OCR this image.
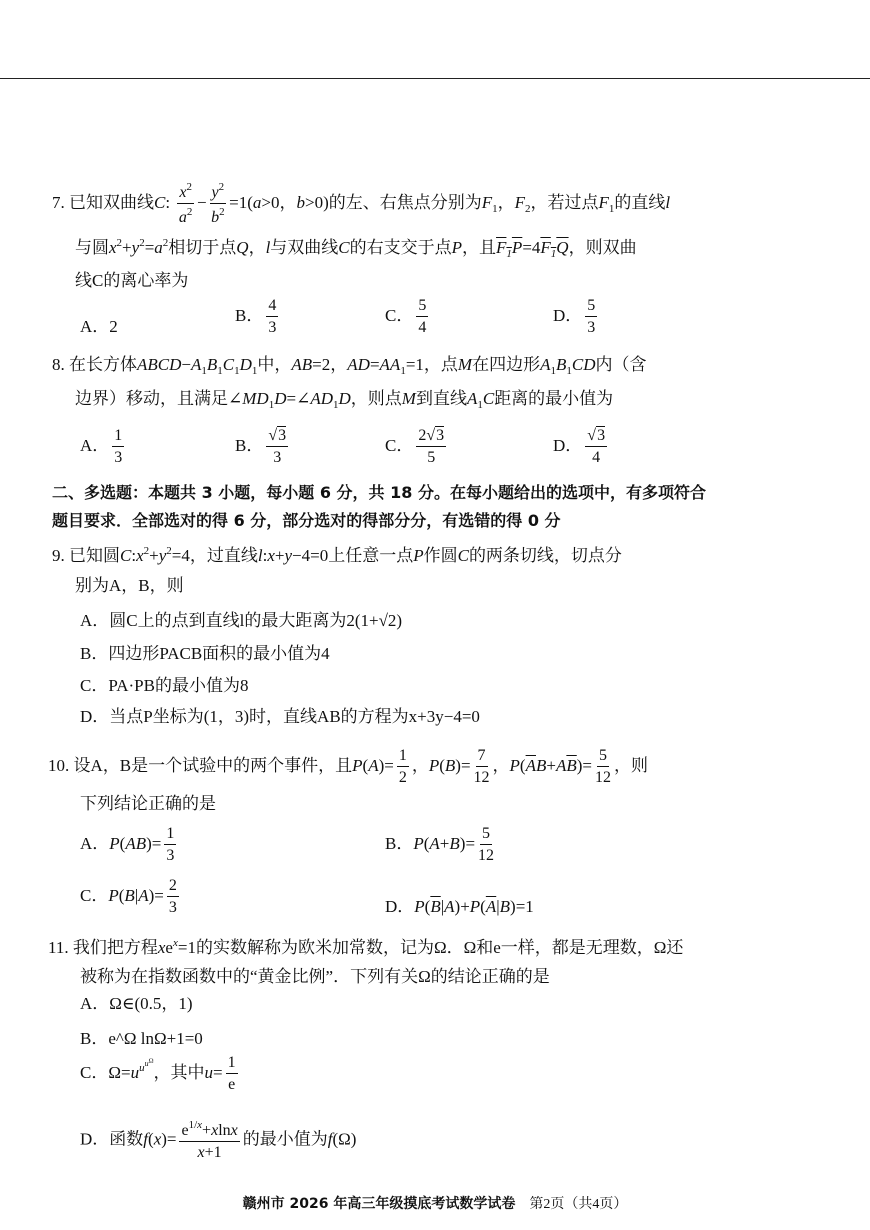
7. 已知双曲线C: $\frac{x^2}{a^2} - \frac{y^2}{b^2} =1(a>0$，b>0)的左、右焦点分别为$F_1$，$F_2$，若过点$F_1$的直线l
与圆$x^2+y^2=a^2$相切于点Q，l与双曲线C的右支交于点P，且$F_1P=4F_1Q$，则双曲
线C的离心率为
A．2
B． $\frac{4}{3}$	C． $\frac{5}{4}$	D． $\frac{5}{3}$
8. 在长方体$ABCD-A_1B_1C_1D_1$中，AB=2，$AD=AA_1=1$，点M在四边形$A_1B_1CD$内（含
边界）移动，且满足$\angle MD_1D=\angle AD_1D$，则点M到直线$A_1C$距离的最小值为
A． $\frac{1}{3}$	B． $\frac{√3}{3}$	C． $\frac{2√3}{5}$	D． $\frac{√3}{4}$
二、多选题：本题共 3 小题，每小题 6 分，共 18 分。在每小题给出的选项中，有多项符合
题目要求．全部选对的得 6 分，部分选对的得部分分，有选错的得 0 分
9. 已知圆$C:x^2+y^2=4$，过直线l:x+y−4=0上任意一点P作圆C的两条切线，切点分
别为A，B，则
A．圆C上的点到直线l的最大距离为2(1+√2)
B．四边形PACB面积的最小值为4
C．PA·PB的最小值为8
D．当点P坐标为(1，3)时，直线AB的方程为x+3y−4=0
10. 设A，B是一个试验中的两个事件，且$P(A)= \frac{1}{2}$ ，$P(B)= \frac{7}{12}$ ，$P(\overline{A}B+A\overline{B})= \frac{5}{12}$ ，则
下列结论正确的是
A．$P(AB)= \frac{1}{3}$	B．$P(A+B)= \frac{5}{12}$
C．$P(B|A)= \frac{2}{3}$	D．$P(\overline{B}|A)+P(\overline{A}|B)=1$
11. 我们把方程$xe^x=1$的实数解称为欧米加常数，记为Ω．Ω和e一样，都是无理数，Ω还
被称为在指数函数中的“黄金比例”．下列有关Ω的结论正确的是
A．Ω∈(0.5，1)
B．e^Ω lnΩ+1=0
C．$\Omega=u^{u^{u^\Omega}}$，其中$u= \frac{1}{e}$
D．函数$f(x)= \frac{e^{1/x}+xlnx}{x+1}$ 的最小值为f(Ω)
赣州市 2026 年高三年级摸底考试数学试卷 第2页（共4页）
